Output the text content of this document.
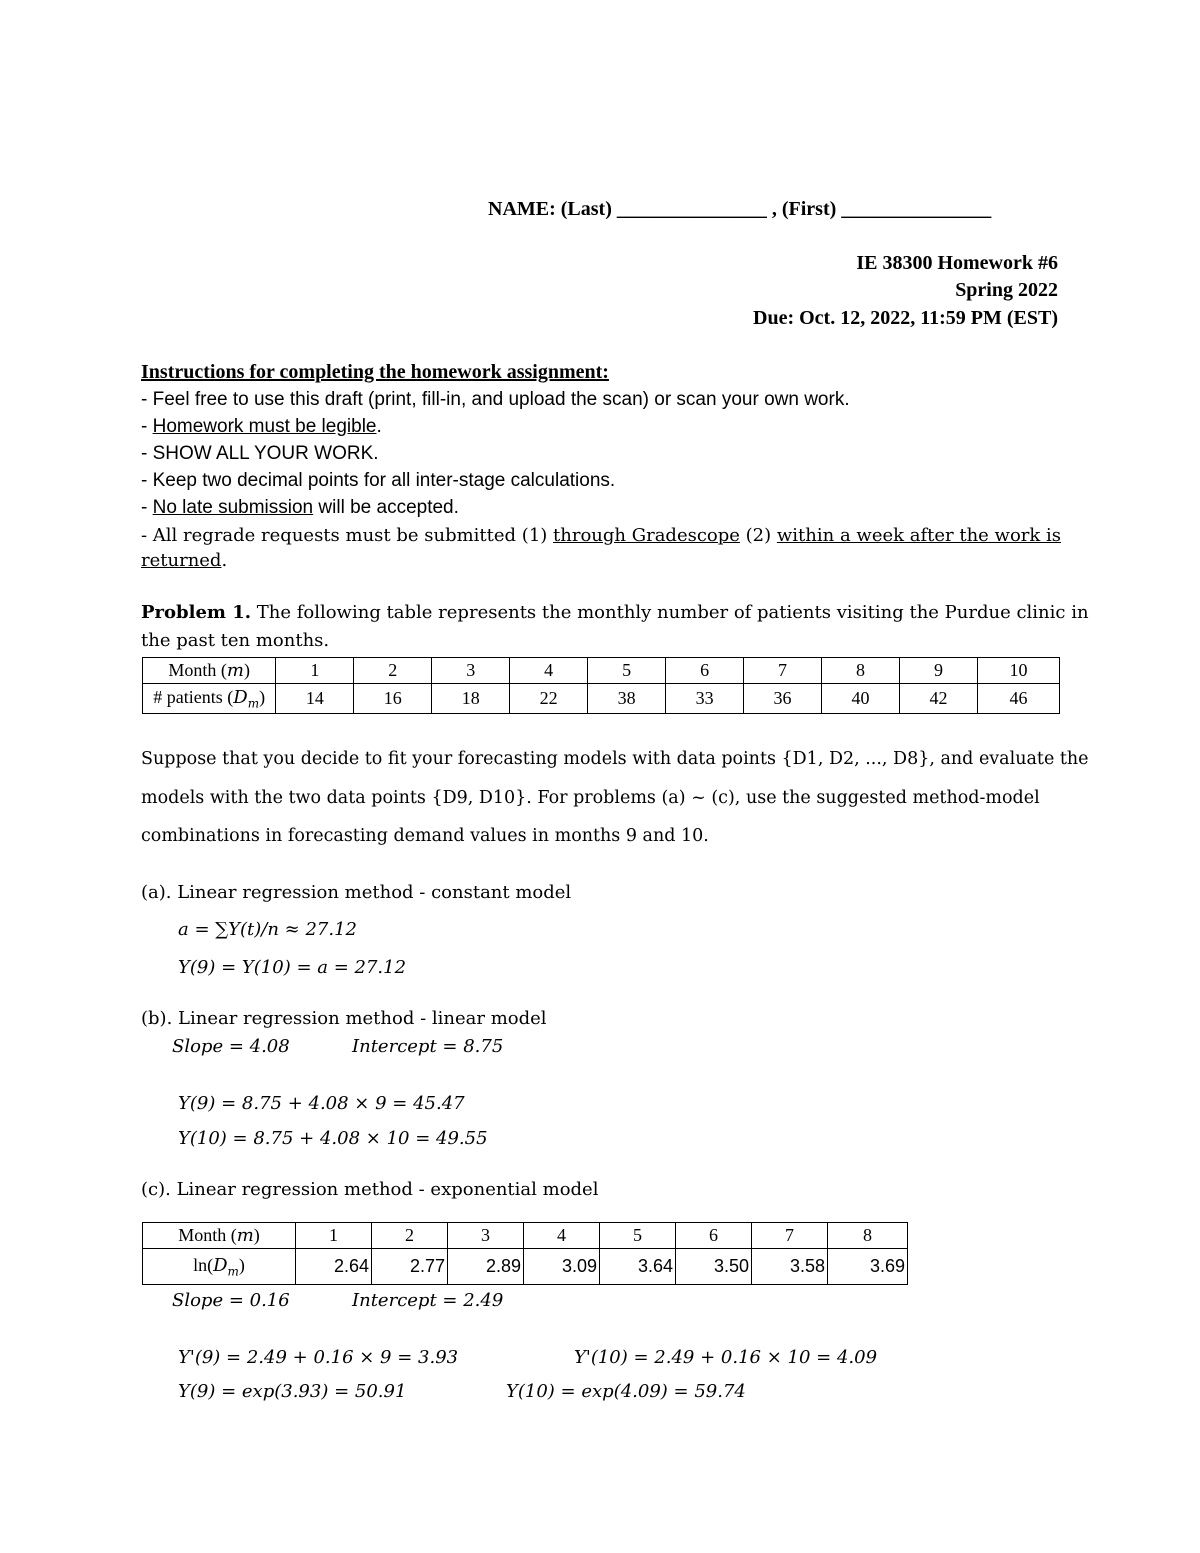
NAME: (Last) _______________ , (First) _______________
IE 38300 Homework #6
Spring 2022
Due: Oct. 12, 2022, 11:59 PM (EST)
Instructions for completing the homework assignment:
- Feel free to use this draft (print, fill-in, and upload the scan) or scan your own work.
- Homework must be legible.
- SHOW ALL YOUR WORK.
- Keep two decimal points for all inter-stage calculations.
- No late submission will be accepted.
- All regrade requests must be submitted (1) through Gradescope (2) within a week after the work is
returned.
Problem 1. The following table represents the monthly number of patients visiting the Purdue clinic in
the past ten months.
Month (m)	1	2	3	4	5	6	7	8	9	10
# patients $(D_m)$	14	16	18	22	38	33	36	40	42	46
Suppose that you decide to fit your forecasting models with data points {D1, D2, ..., D8}, and evaluate the
models with the two data points {D9, D10}. For problems (a) ~ (c), use the suggested method-model
combinations in forecasting demand values in months 9 and 10.
(a). Linear regression method - constant model
a = ∑Y(t)/n ≈ 27.12
Y(9) = Y(10) = a = 27.12
(b). Linear regression method - linear model
Slope = 4.08	Intercept = 8.75
Y(9) = 8.75 + 4.08 × 9 = 45.47
Y(10) = 8.75 + 4.08 × 10 = 49.55
(c). Linear regression method - exponential model
Month (m)	1	2	3	4	5	6	7	8
$\ln(D_m)$	2.64	2.77	2.89	3.09	3.64	3.50	3.58	3.69
Slope = 0.16	Intercept = 2.49
Y'(9) = 2.49 + 0.16 × 9 = 3.93	Y'(10) = 2.49 + 0.16 × 10 = 4.09
Y(9) = exp(3.93) = 50.91	Y(10) = exp(4.09) = 59.74
